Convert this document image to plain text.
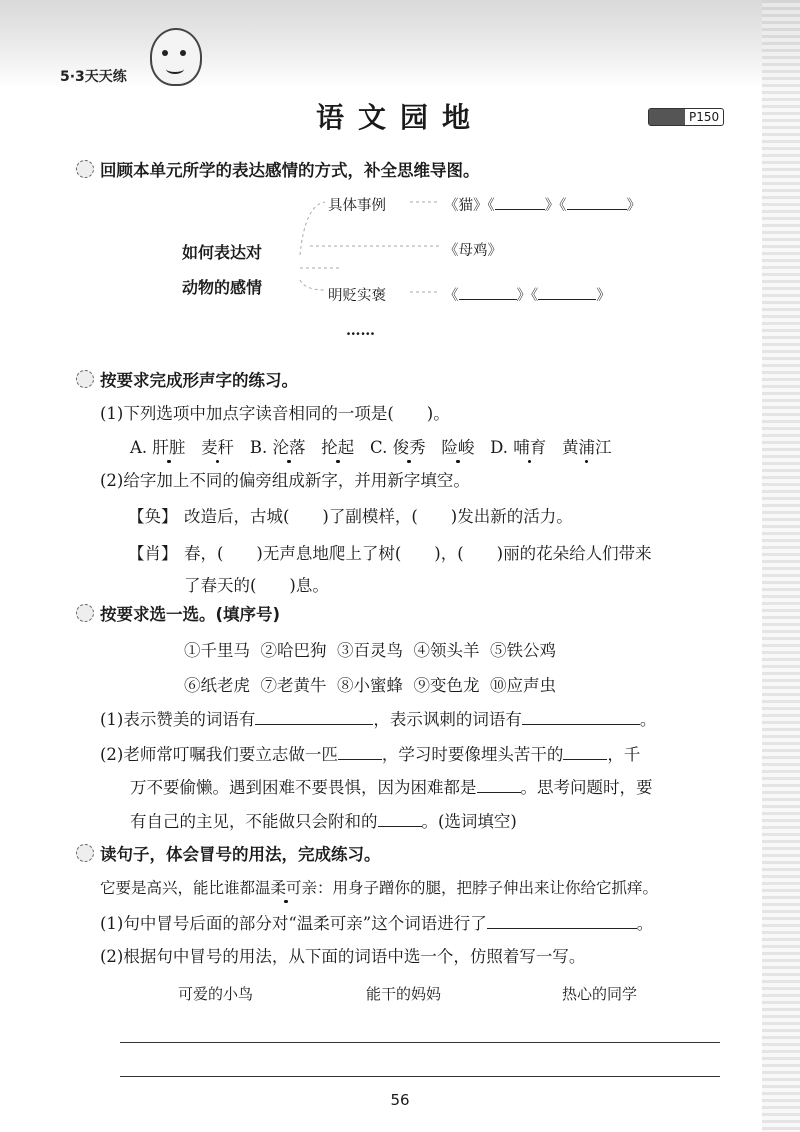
5·3天天练
语文园地	P150
回顾本单元所学的表达感情的方式，补全思维导图。
如何表达对
动物的感情
具体事例	《猫》《	》《	》
《母鸡》
明贬实褒	《	》《	》
……
按要求完成形声字的练习。
(1)下列选项中加点字读音相同的一项是(　　)。
A. 肝脏 麦秆 B. 沦落 抡起 C. 俊秀 险峻 D. 哺育 黄浦江
(2)给字加上不同的偏旁组成新字，并用新字填空。
【奂】 改造后，古城(　　)了副模样，(　　)发出新的活力。
【肖】 春，(　　)无声息地爬上了树(　　)，(　　)丽的花朵给人们带来
了春天的(　　)息。
按要求选一选。(填序号)
①千里马 ②哈巴狗 ③百灵鸟 ④领头羊 ⑤铁公鸡
⑥纸老虎 ⑦老黄牛 ⑧小蜜蜂 ⑨变色龙 ⑩应声虫
(1)表示赞美的词语有	，表示讽刺的词语有	。
(2)老师常叮嘱我们要立志做一匹	，学习时要像埋头苦干的	，千
万不要偷懒。遇到困难不要畏惧，因为困难都是	。思考问题时，要
有自己的主见，不能做只会附和的	。(选词填空)
读句子，体会冒号的用法，完成练习。
它要是高兴，能比谁都温柔可亲：用身子蹭你的腿，把脖子伸出来让你给它抓痒。
(1)句中冒号后面的部分对“温柔可亲”这个词语进行了	。
(2)根据句中冒号的用法，从下面的词语中选一个，仿照着写一写。
可爱的小鸟	能干的妈妈	热心的同学
56
